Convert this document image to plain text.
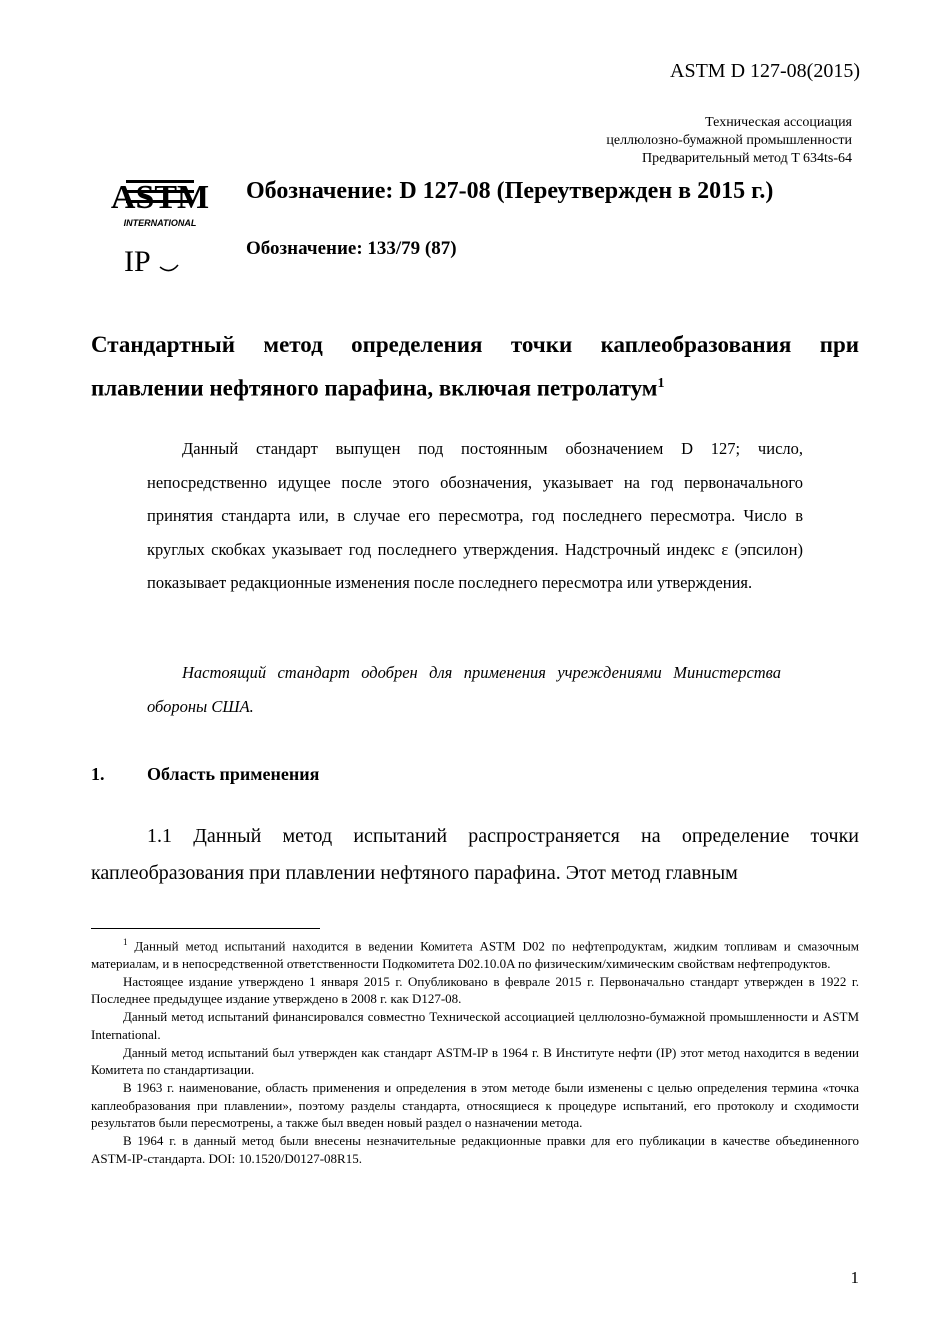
ASTM D 127-08(2015)
Техническая ассоциация
целлюлозно-бумажной промышленности
Предварительный метод T 634ts-64
ASTM
INTERNATIONAL
IP
Обозначение: D 127-08 (Переутвержден в 2015 г.)
Обозначение: 133/79 (87)
Стандартный метод определения точки каплеобразования при плавлении нефтяного парафина, включая петролатум$^1$
Данный стандарт выпущен под постоянным обозначением D 127; число, непосредственно идущее после этого обозначения, указывает на год первоначального принятия стандарта или, в случае его пересмотра, год последнего пересмотра. Число в круглых скобках указывает год последнего утверждения. Надстрочный индекс ε (эпсилон) показывает редакционные изменения после последнего пересмотра или утверждения.
Настоящий стандарт одобрен для применения учреждениями Министерства обороны США.
1. Область применения
1.1 Данный метод испытаний распространяется на определение точки каплеобразования при плавлении нефтяного парафина. Этот метод главным

$^1$ Данный метод испытаний находится в ведении Комитета ASTM D02 по нефтепродуктам, жидким топливам и смазочным материалам, и в непосредственной ответственности Подкомитета D02.10.0A по физическим/химическим свойствам нефтепродуктов.

Настоящее издание утверждено 1 января 2015 г. Опубликовано в феврале 2015 г. Первоначально стандарт утвержден в 1922 г. Последнее предыдущее издание утверждено в 2008 г. как D127-08.

Данный метод испытаний финансировался совместно Технической ассоциацией целлюлозно-бумажной промышленности и ASTM International.

Данный метод испытаний был утвержден как стандарт ASTM-IP в 1964 г. В Институте нефти (IP) этот метод находится в ведении Комитета по стандартизации.

В 1963 г. наименование, область применения и определения в этом методе были изменены с целью определения термина «точка каплеобразования при плавлении», поэтому разделы стандарта, относящиеся к процедуре испытаний, его протоколу и сходимости результатов были пересмотрены, а также был введен новый раздел о назначении метода.

В 1964 г. в данный метод были внесены незначительные редакционные правки для его публикации в качестве объединенного ASTM-IP-стандарта. DOI: 10.1520/D0127-08R15.

1
